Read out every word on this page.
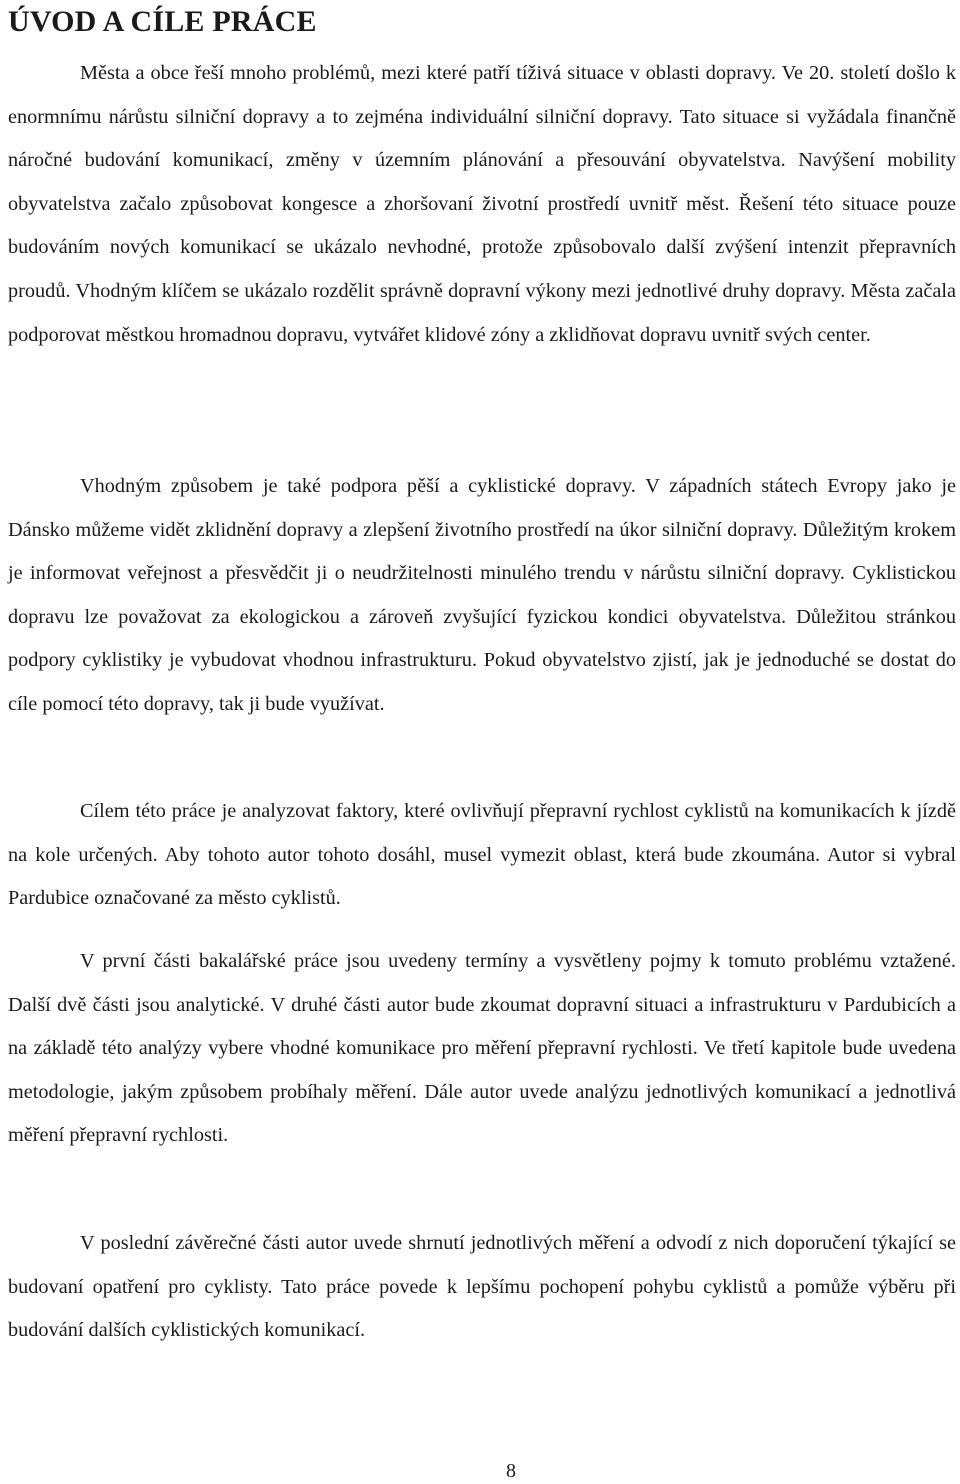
ÚVOD A CÍLE PRÁCE

Města a obce řeší mnoho problémů, mezi které patří tíživá situace v oblasti dopravy. Ve 20. století došlo k enormnímu nárůstu silniční dopravy a to zejména individuální silniční dopravy. Tato situace si vyžádala finančně náročné budování komunikací, změny v územním plánování a přesouvání obyvatelstva. Navýšení mobility obyvatelstva začalo způsobovat kongesce a zhoršovaní životní prostředí uvnitř měst. Řešení této situace pouze budováním nových komunikací se ukázalo nevhodné, protože způsobovalo další zvýšení intenzit přepravních proudů. Vhodným klíčem se ukázalo rozdělit správně dopravní výkony mezi jednotlivé druhy dopravy. Města začala podporovat městkou hromadnou dopravu, vytvářet klidové zóny a zklidňovat dopravu uvnitř svých center.

Vhodným způsobem je také podpora pěší a cyklistické dopravy. V západních státech Evropy jako je Dánsko můžeme vidět zklidnění dopravy a zlepšení životního prostředí na úkor silniční dopravy. Důležitým krokem je informovat veřejnost a přesvědčit ji o neudržitelnosti minulého trendu v nárůstu silniční dopravy. Cyklistickou dopravu lze považovat za ekologickou a zároveň zvyšující fyzickou kondici obyvatelstva. Důležitou stránkou podpory cyklistiky je vybudovat vhodnou infrastrukturu. Pokud obyvatelstvo zjistí, jak je jednoduché se dostat do cíle pomocí této dopravy, tak ji bude využívat.

Cílem této práce je analyzovat faktory, které ovlivňují přepravní rychlost cyklistů na komunikacích k jízdě na kole určených. Aby tohoto autor tohoto dosáhl, musel vymezit oblast, která bude zkoumána. Autor si vybral Pardubice označované za město cyklistů.

V první části bakalářské práce jsou uvedeny termíny a vysvětleny pojmy k tomuto problému vztažené. Další dvě části jsou analytické. V druhé části autor bude zkoumat dopravní situaci a infrastrukturu v Pardubicích a na základě této analýzy vybere vhodné komunikace pro měření přepravní rychlosti. Ve třetí kapitole bude uvedena metodologie, jakým způsobem probíhaly měření. Dále autor uvede analýzu jednotlivých komunikací a jednotlivá měření přepravní rychlosti.

V poslední závěrečné části autor uvede shrnutí jednotlivých měření a odvodí z nich doporučení týkající se budovaní opatření pro cyklisty. Tato práce povede k lepšímu pochopení pohybu cyklistů a pomůže výběru při budování dalších cyklistických komunikací.

8
